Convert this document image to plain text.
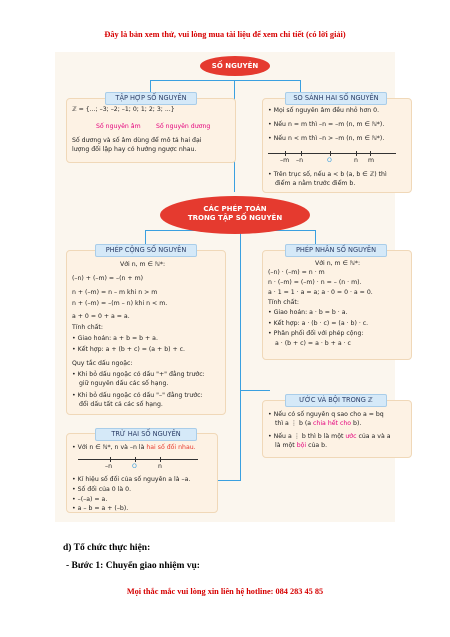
Đây là bản xem thử, vui lòng mua tài liệu để xem chi tiết (có lời giải)
SỐ NGUYÊN
CÁC PHÉP TOÁN
TRONG TẬP SỐ NGUYÊN
TẬP HỢP SỐ NGUYÊN
ℤ = {...; –3; –2; –1; 0; 1; 2; 3; ...}
Số nguyên âm Số nguyên dương
Số dương và số âm dùng để mô tả hai đại
lượng đối lập hay có hướng ngược nhau.
SO SÁNH HAI SỐ NGUYÊN
• Mọi số nguyên âm đều nhỏ hơn 0.
• Nếu n = m thì –n = –m (n, m ∈ ℕ*).
• Nếu n < m thì –n > –m (n, m ∈ ℕ*).
–m –n	O	n m
• Trên trục số, nếu a < b (a, b ∈ ℤ) thì
điểm a nằm trước điểm b.
PHÉP CỘNG SỐ NGUYÊN
Với n, m ∈ ℕ*:
(–n) + (–m) = –(n + m)
n + (–m) = n – m khi n > m
n + (–m) = –(m – n) khi n < m.
a + 0 = 0 + a = a.
Tính chất:
• Giao hoán: a + b = b + a.
• Kết hợp: a + (b + c) = (a + b) + c.
Quy tắc dấu ngoặc:
• Khi bỏ dấu ngoặc có dấu "+" đằng trước:
giữ nguyên dấu các số hạng.
• Khi bỏ dấu ngoặc có dấu "–" đằng trước:
đổi dấu tất cả các số hạng.
PHÉP NHÂN SỐ NGUYÊN
Với n, m ∈ ℕ*:
(–n) · (–m) = n · m
n · (–m) = (–m) · n = – (n · m).
a · 1 = 1 · a = a; a · 0 = 0 · a = 0.
Tính chất:
• Giao hoán: a · b = b · a.
• Kết hợp: a · (b · c) = (a · b) · c.
• Phân phối đối với phép cộng:
a · (b + c) = a · b + a · c
ƯỚC VÀ BỘI TRONG ℤ
• Nếu có số nguyên q sao cho a = bq
thì a ⋮ b (a chia hết cho b).
• Nếu a ⋮ b thì b là một ước của a và a
là một bội của b.
TRỪ HAI SỐ NGUYÊN
• Với n ∈ ℕ*, n và –n là hai số đối nhau.
–n	O	n
• Kí hiệu số đối của số nguyên a là –a.
• Số đối của 0 là 0.
• –(–a) = a.
• a – b = a + (–b).
d) Tổ chức thực hiện:
- Bước 1: Chuyển giao nhiệm vụ:
Mọi thắc mắc vui lòng xin liên hệ hotline: 084 283 45 85
